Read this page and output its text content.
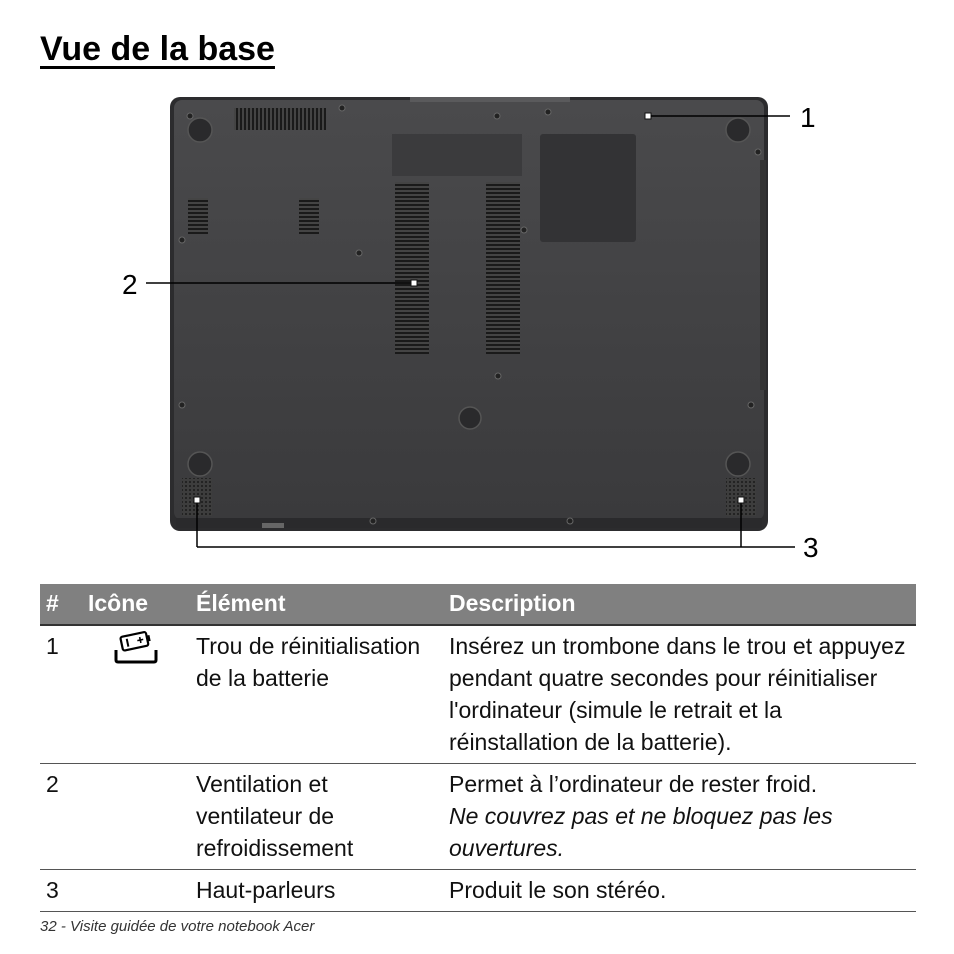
Vue de la base
1
2
3
#	Icône	Élément	Description
1		Trou de réinitialisation de la batterie	Insérez un trombone dans le trou et appuyez pendant quatre secondes pour réinitialiser l'ordinateur (simule le retrait et la réinstallation de la batterie).
2		Ventilation et ventilateur de refroidissement	Permet à l’ordinateur de rester froid.
Ne couvrez pas et ne bloquez pas les ouvertures.

3		Haut-parleurs	Produit le son stéréo.
32 - Visite guidée de votre notebook Acer
